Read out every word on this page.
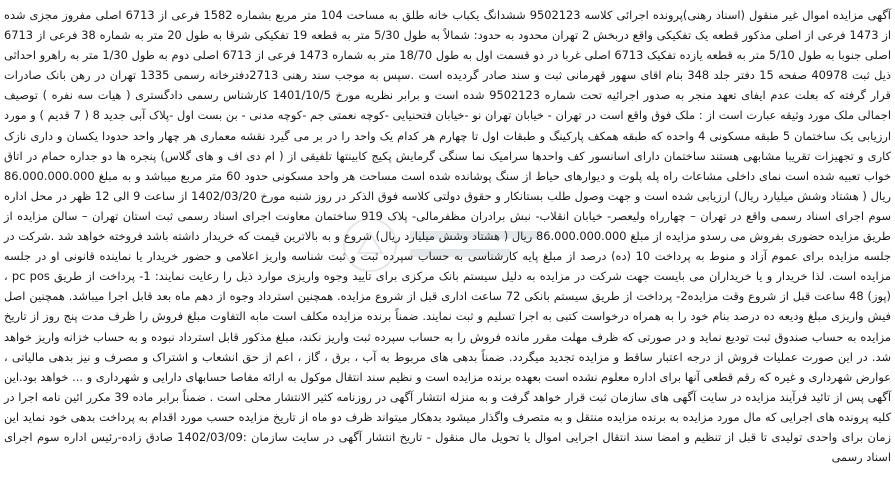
آگهی مزایده اموال غیر منقول (اسناد رهنی)پرونده اجرائی کلاسه 9502123 ششدانگ یکباب خانه طلق به مساحت 104 متر مربع بشماره 1582 فرعی از 6713 اصلی مفروز مجزی شده از 1473 فرعی از اصلی مذکور قطعه یک تفکیکی واقع دربخش 2 تهران محدود به حدود: شمالاً به طول 5/30 متر به قطعه 19 تفکیکی شرقا به طول 20 متر به شماره 38 فرعی از 6713 اصلی جنوبا به طول 5/10 متر به قطعه یازده تفکیک 6713 اصلی غربا در دو قسمت اول به طول 18/70 متر به شماره 1473 فرعی از 6713 اصلی دوم به طول 1/30 متر به راهرو احداثی ذیل ثبت 40978 صفحه 15 دفتر جلد 348 بنام اقای سهور قهرمانی ثبت و سند صادر گردیده است .سپس به موجب سند رهنی 2713دفترخانه رسمی 1335 تهران در رهن بانک صادرات قرار گرفته که بعلت عدم ایفای تعهد منجر به صدور اجرائیه تحت شماره 9502123 شده است و برابر نظریه مورخ 1401/10/5 کارشناس رسمی دادگستری ( هیات سه نفره ) توصیف اجمالی ملک مورد وثیقه عبارت است از : ملک فوق واقع است در تهران - خیابان تهران نو -خیابان فتحنیایی -کوچه نعمتی جم -کوچه مدنی - بن بست اول -پلاک آبی جدید 8 ( 7 قدیم ) و مورد ارزیابی یک ساختمان 5 طبقه مسکونی 4 واحده که طبقه همکف پارکینگ و طبقات اول تا چهارم هر کدام یک واحد را در بر می گیرد نقشه معماری هر چهار واحد حدودا یکسان و داری نازک کاری و تجهیزات تقریبا مشابهی هستند ساختمان دارای اسانسور کف واحدها سرامیک نما سنگی گرمایش پکیج کابینتها تلفیقی از ( ام دی اف و های گلاس) پنجره ها دو جداره حمام در اتاق خواب تعبیه شده است نمای داخلی مشاعات راه پله پلوت و دیوارهای حیاط از سنگ پوشانده شده است مساحت هر واحد مسکونی حدود 60 متر مربع میباشد و به مبلغ 86.000.000.000 ریال ( هشتاد وشش میلیارد ریال) ارزیابی شده است و جهت وصول طلب بستانکار و حقوق دولتی کلاسه فوق الذکر در روز شنبه مورخ 1402/03/20 از ساعت 9 الی 12 ظهر در محل اداره سوم اجرای اسناد رسمی واقع در تهران – چهارراه ولیعصر- خیابان انقلاب- نبش برادران مظفرمالی- پلاک 919 ساختمان معاونت اجرای اسناد رسمی ثبت استان تهران – سالن مزایده از طریق مزایده حضوری بفروش می رسدو مزایده از مبلغ 86.000.000.000 ریال ( هشتاد وشش میلیارد ریال) شروع و به بالاترین قیمت که خریدار داشته باشد فروخته خواهد شد .شرکت در جلسه مزایده برای عموم آزاد و منوط به پرداخت 10 (ده) درصد از مبلغ پایه کارشناسی به حساب سپرده ثبت و ثبت شناسه واریز اعلامی و حضور خریدار یا نماینده قانونی او در جلسه مزایده است. لذا خریدار و یا خریداران می بایست جهت شرکت در مزایده به دلیل سیستم بانک مرکزی برای تایید وجوه واریزی موارد ذیل را رعایت نمایند: 1- پرداخت از طریق pc pos ، (پوز) 48 ساعت قبل از شروع وقت مزایده2- پرداخت از طریق سیستم بانکی 72 ساعت اداری قبل از شروع مزایده. همچنین استرداد وجوه از دهم ماه بعد قابل اجرا میباشد. همچنین اصل فیش واریزی مبلغ ودیعه ده درصد بنام خود را به همراه درخواست کتبی به اجرا تسلیم و ثبت نمایند. ضمناً برنده مزایده مکلف است مابه التفاوت مبلغ فروش را ظرف مدت پنج روز از تاریخ مزایده به حساب صندوق ثبت تودیع نماید و در صورتی که ظرف مهلت مقرر مانده فروش را به حساب سپرده ثبت واریز نکند، مبلغ مذکور قابل استرداد نبوده و به حساب خزانه واریز خواهد شد. در این صورت عملیات فروش از درجه اعتبار ساقط و مزایده تجدید میگردد. ضمناً بدهی های مربوط به آب ، برق ، گاز ، اعم از حق انشعاب و اشتراک و مصرف و نیز بدهی مالیاتی ، عوارض شهرداری و غیره که رقم قطعی آنها برای اداره معلوم نشده است بعهده برنده مزایده است و نظیم سند انتقال موکول به ارائه مفاصا حسابهای دارایی و شهرداری و ... خواهد بود.این آگهی پس از تائید فرآیند مزایده در سایت آگهی های سازمان ثبت قرار خواهد گرفت و به منزله انتشار آگهی در روزنامه کثیر الانتشار محلی است . ضمناً برابر ماده 39 مکرر ائین نامه اجرا در کلیه پرونده های اجرایی که مال مورد مزایده به برنده مزایده منتقل و به متصرف واگذار میشود بدهکار میتواند ظرف دو ماه از تاریخ مزایده حسب مورد اقدام به پرداخت بدهی خود نماید این زمان برای واحدی تولیدی تا قبل از تنظیم و امضا سند انتقال اجرایی اموال یا تحویل مال منقول - تاریخ انتشار آگهی در سایت سازمان :1402/03/09 صادق زاده-رئیس اداره سوم اجرای اسناد رسمی
